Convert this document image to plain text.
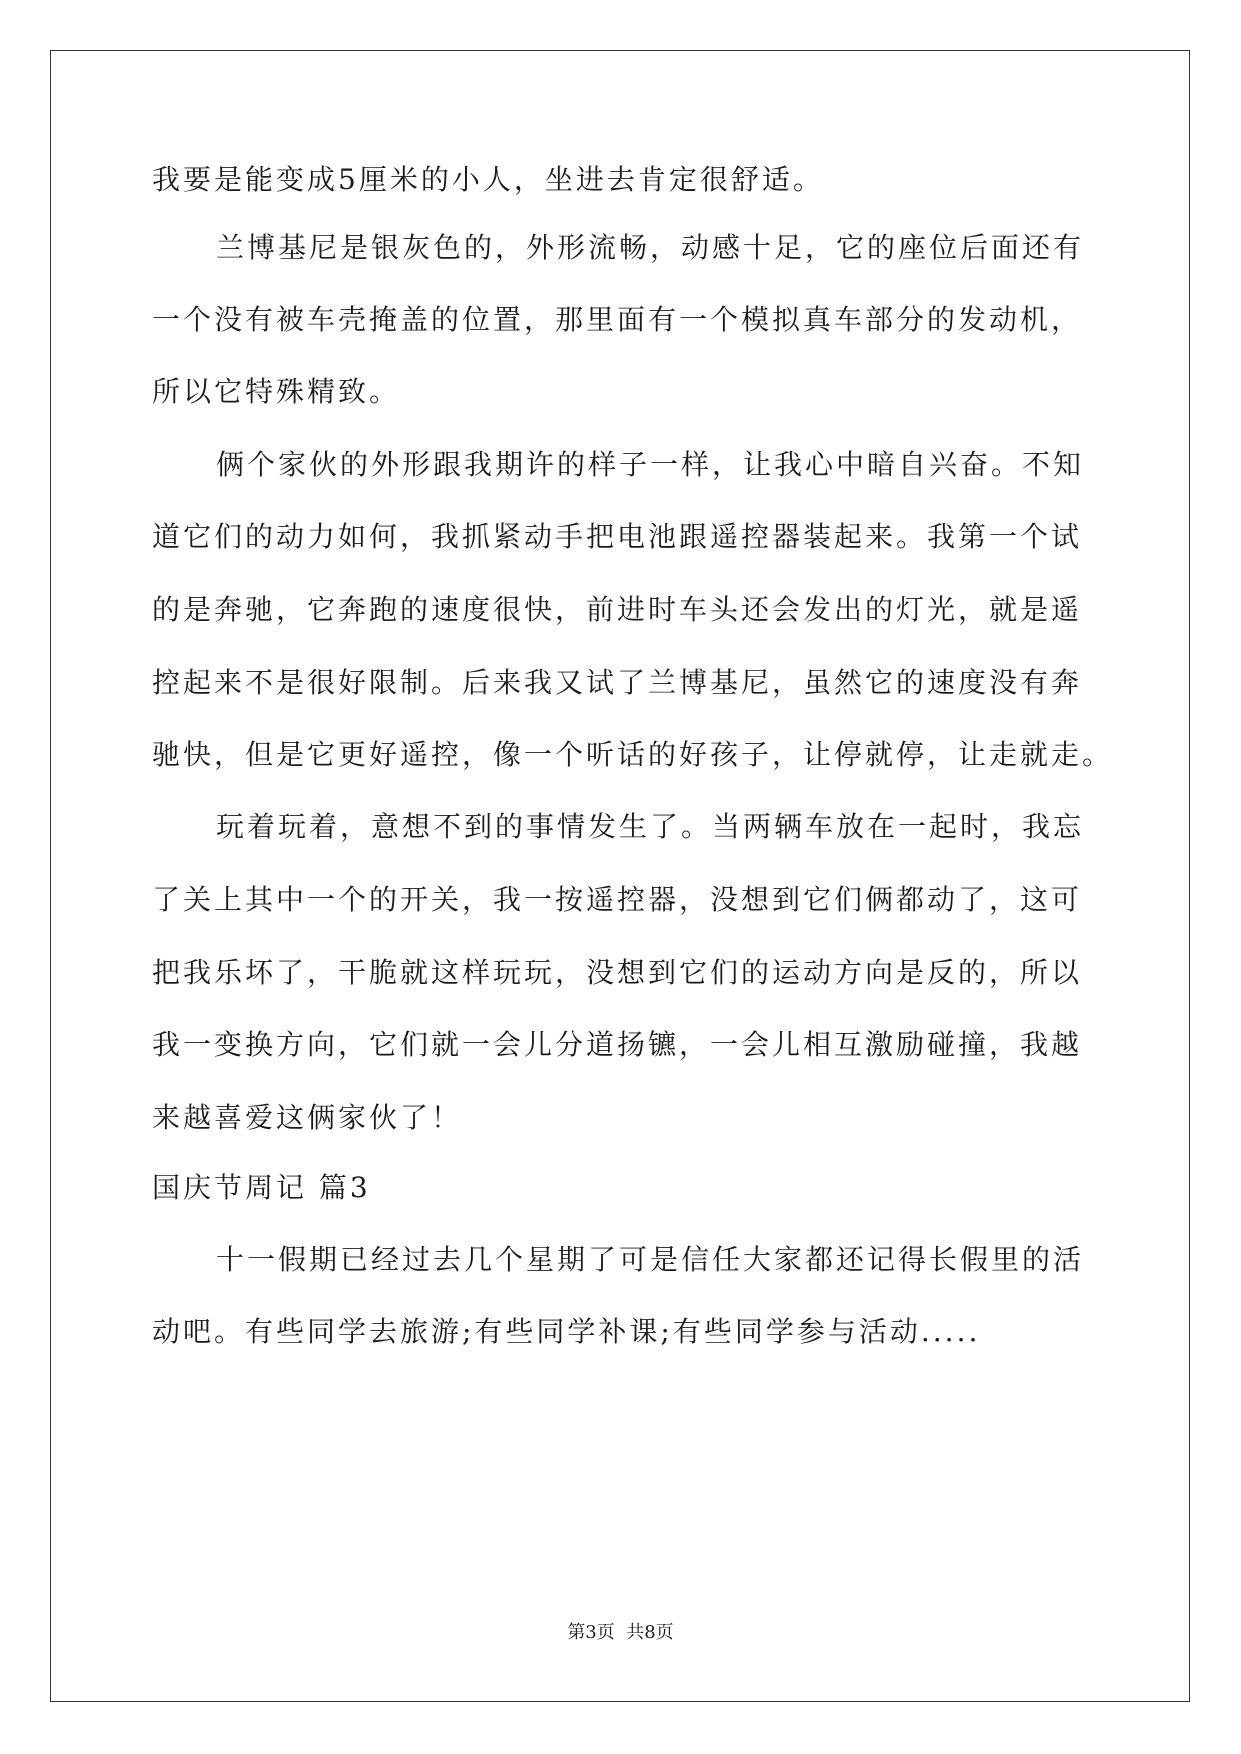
我要是能变成5厘米的小人，坐进去肯定很舒适。
兰博基尼是银灰色的，外形流畅，动感十足，它的座位后面还有
一个没有被车壳掩盖的位置，那里面有一个模拟真车部分的发动机，
所以它特殊精致。
俩个家伙的外形跟我期许的样子一样，让我心中暗自兴奋。不知
道它们的动力如何，我抓紧动手把电池跟遥控器装起来。我第一个试
的是奔驰，它奔跑的速度很快，前进时车头还会发出的灯光，就是遥
控起来不是很好限制。后来我又试了兰博基尼，虽然它的速度没有奔
驰快，但是它更好遥控，像一个听话的好孩子，让停就停，让走就走。
玩着玩着，意想不到的事情发生了。当两辆车放在一起时，我忘
了关上其中一个的开关，我一按遥控器，没想到它们俩都动了，这可
把我乐坏了，干脆就这样玩玩，没想到它们的运动方向是反的，所以
我一变换方向，它们就一会儿分道扬镳，一会儿相互激励碰撞，我越
来越喜爱这俩家伙了！
国庆节周记 篇3
十一假期已经过去几个星期了可是信任大家都还记得长假里的活
动吧。有些同学去旅游;有些同学补课;有些同学参与活动.....
第3页  共8页
